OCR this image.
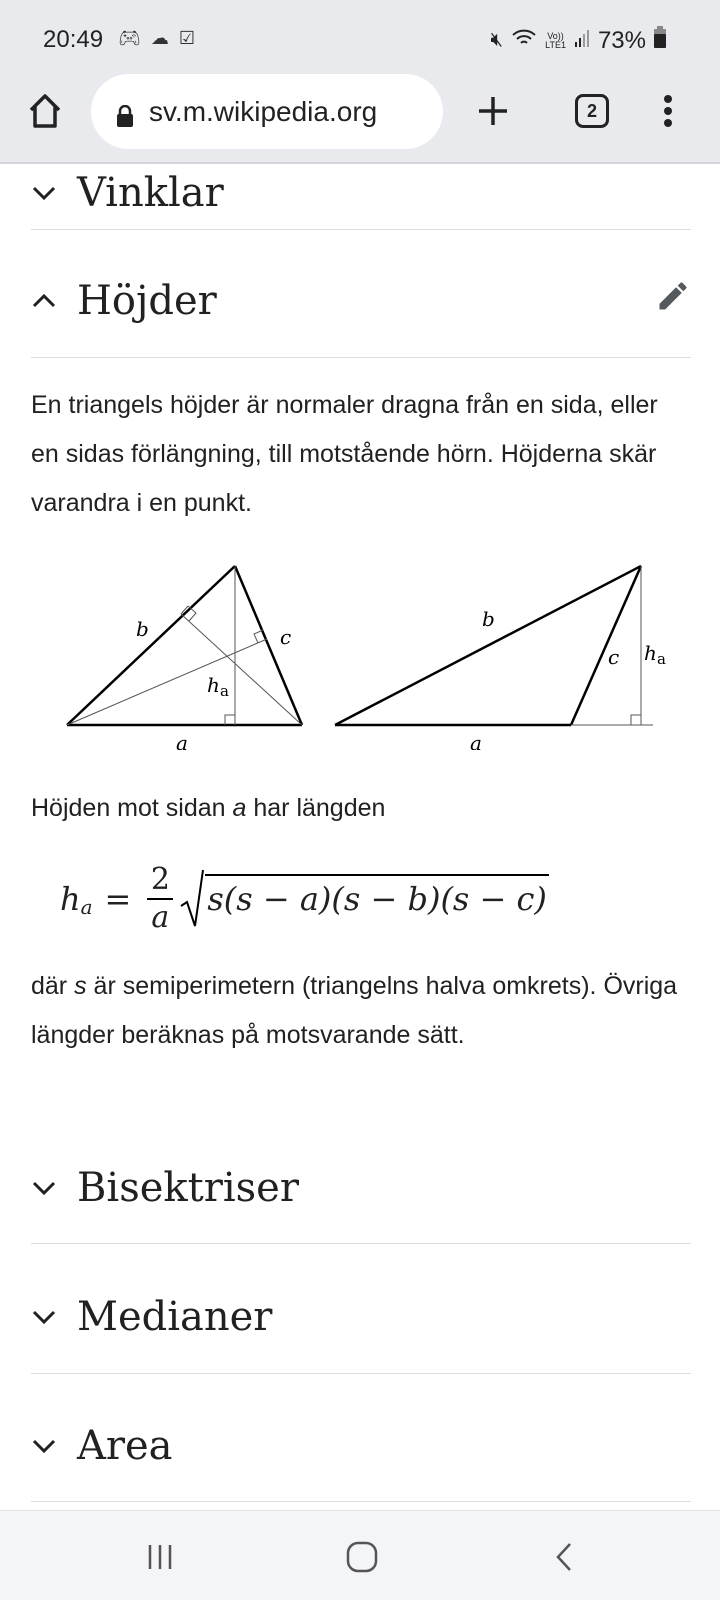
Vinklar
Höjder
En triangels höjder är normaler dragna från en sida, eller en sidas förlängning, till motstående hörn. Höjderna skär varandra i en punkt.
b	c
a
h a
b
c
a
h a
Höjden mot sidan a har längden
h $a = \frac{2}{a} s(s - a)(s - b)(s - c)$
där s är semiperimetern (triangelns halva omkrets). Övriga längder beräknas på motsvarande sätt.
Bisektriser
Medianer
Area
20:49 🎮︎ ☁︎ ☑︎	🔇︎	Vo))
LTE1 73%
sv.m.wikipedia.org	2
